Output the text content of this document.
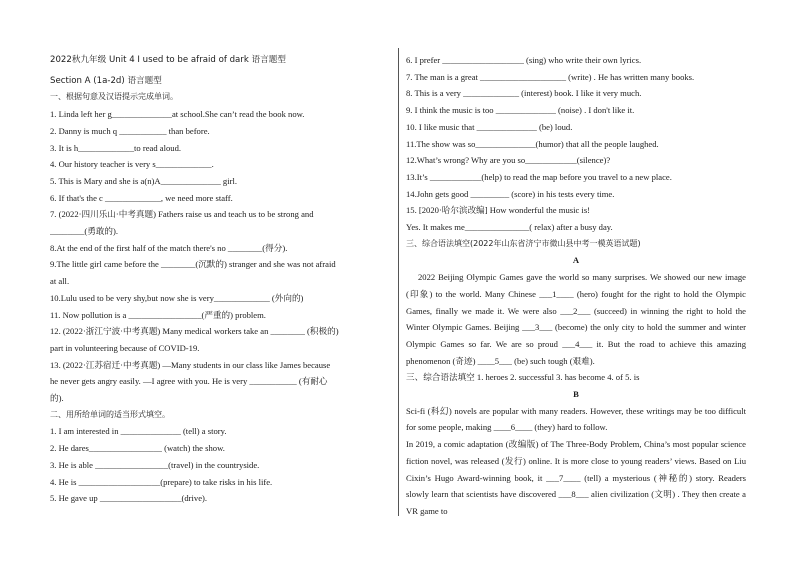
2022秋九年级 Unit 4 I used to be afraid of dark 语言题型
Section A (1a-2d) 语言题型
一、根据句意及汉语提示完成单词。
1. Linda left her g______________at school.She can’t read the book now.
2. Danny is much q ___________ than before.
3. It is h_____________to read aloud.
4. Our history teacher is very s_____________.
5. This is Mary and she is a(n)A______________ girl.
6. If that's the c _____________, we need more staff.
7. (2022·四川乐山·中考真题) Fathers raise us and teach us to be strong and
________(勇敢的).
8.At the end of the first half of the match there's no ________(得分).
9.The little girl came before the ________(沉默的) stranger and she was not afraid
at all.
10.Lulu used to be very shy,but now she is very_____________ (外向的)
11. Now pollution is a _________________(严重的) problem.
12. (2022·浙江宁波·中考真题) Many medical workers take an ________ (积极的)
part in volunteering because of COVID-19.
13. (2022·江苏宿迁·中考真题) —Many students in our class like James because
he never gets angry easily. —I agree with you. He is very ___________ (有耐心
的).
二、用所给单词的适当形式填空。
1. I am interested in ______________ (tell) a story.
2. He dares_________________ (watch) the show.
3. He is able _________________(travel) in the countryside.
4. He is ___________________(prepare) to take risks in his life.
5. He gave up ___________________(drive).
6. I prefer ___________________ (sing) who write their own lyrics.
7. The man is a great ____________________ (write) . He has written many books.
8. This is a very _____________ (interest) book. I like it very much.
9. I think the music is too ______________ (noise) . I don't like it.
10. I like music that ______________ (be) loud.
11.The show was so______________(humor) that all the people laughed.
12.What’s wrong? Why are you so____________(silence)?
13.It’s ____________(help) to read the map before you travel to a new place.
14.John gets good _________ (score) in his tests every time.
15. [2020·哈尔滨改编] How wonderful the music is!
Yes. It makes me_______________( relax) after a busy day.
三、综合语法填空(2022年山东省济宁市微山县中考一模英语试题)
A
2022 Beijing Olympic Games gave the world so many surprises. We showed our new image (印象) to the world. Many Chinese ___1____ (hero) fought for the right to hold the Olympic Games, finally we made it. We were also ___2___ (succeed) in winning the right to hold the Winter Olympic Games. Beijing ___3___ (become) the only city to hold the summer and winter Olympic Games so far. We are so proud ___4___ it. But the road to achieve this amazing phenomenon (奇迹) ____5___ (be) such tough (艰难).
三、综合语法填空 1. heroes 2. successful 3. has become 4. of 5. is
B
Sci-fi (科幻) novels are popular with many readers. However, these writings may be too difficult for some people, making ____6____ (they) hard to follow.
In 2019, a comic adaptation (改编版) of The Three-Body Problem, China’s most popular science fiction novel, was released (发行) online. It is more close to young readers’ views. Based on Liu Cixin’s Hugo Award-winning book, it ___7____ (tell) a mysterious (神秘的) story. Readers slowly learn that scientists have discovered ___8___ alien civilization (文明) . They then create a VR game to
